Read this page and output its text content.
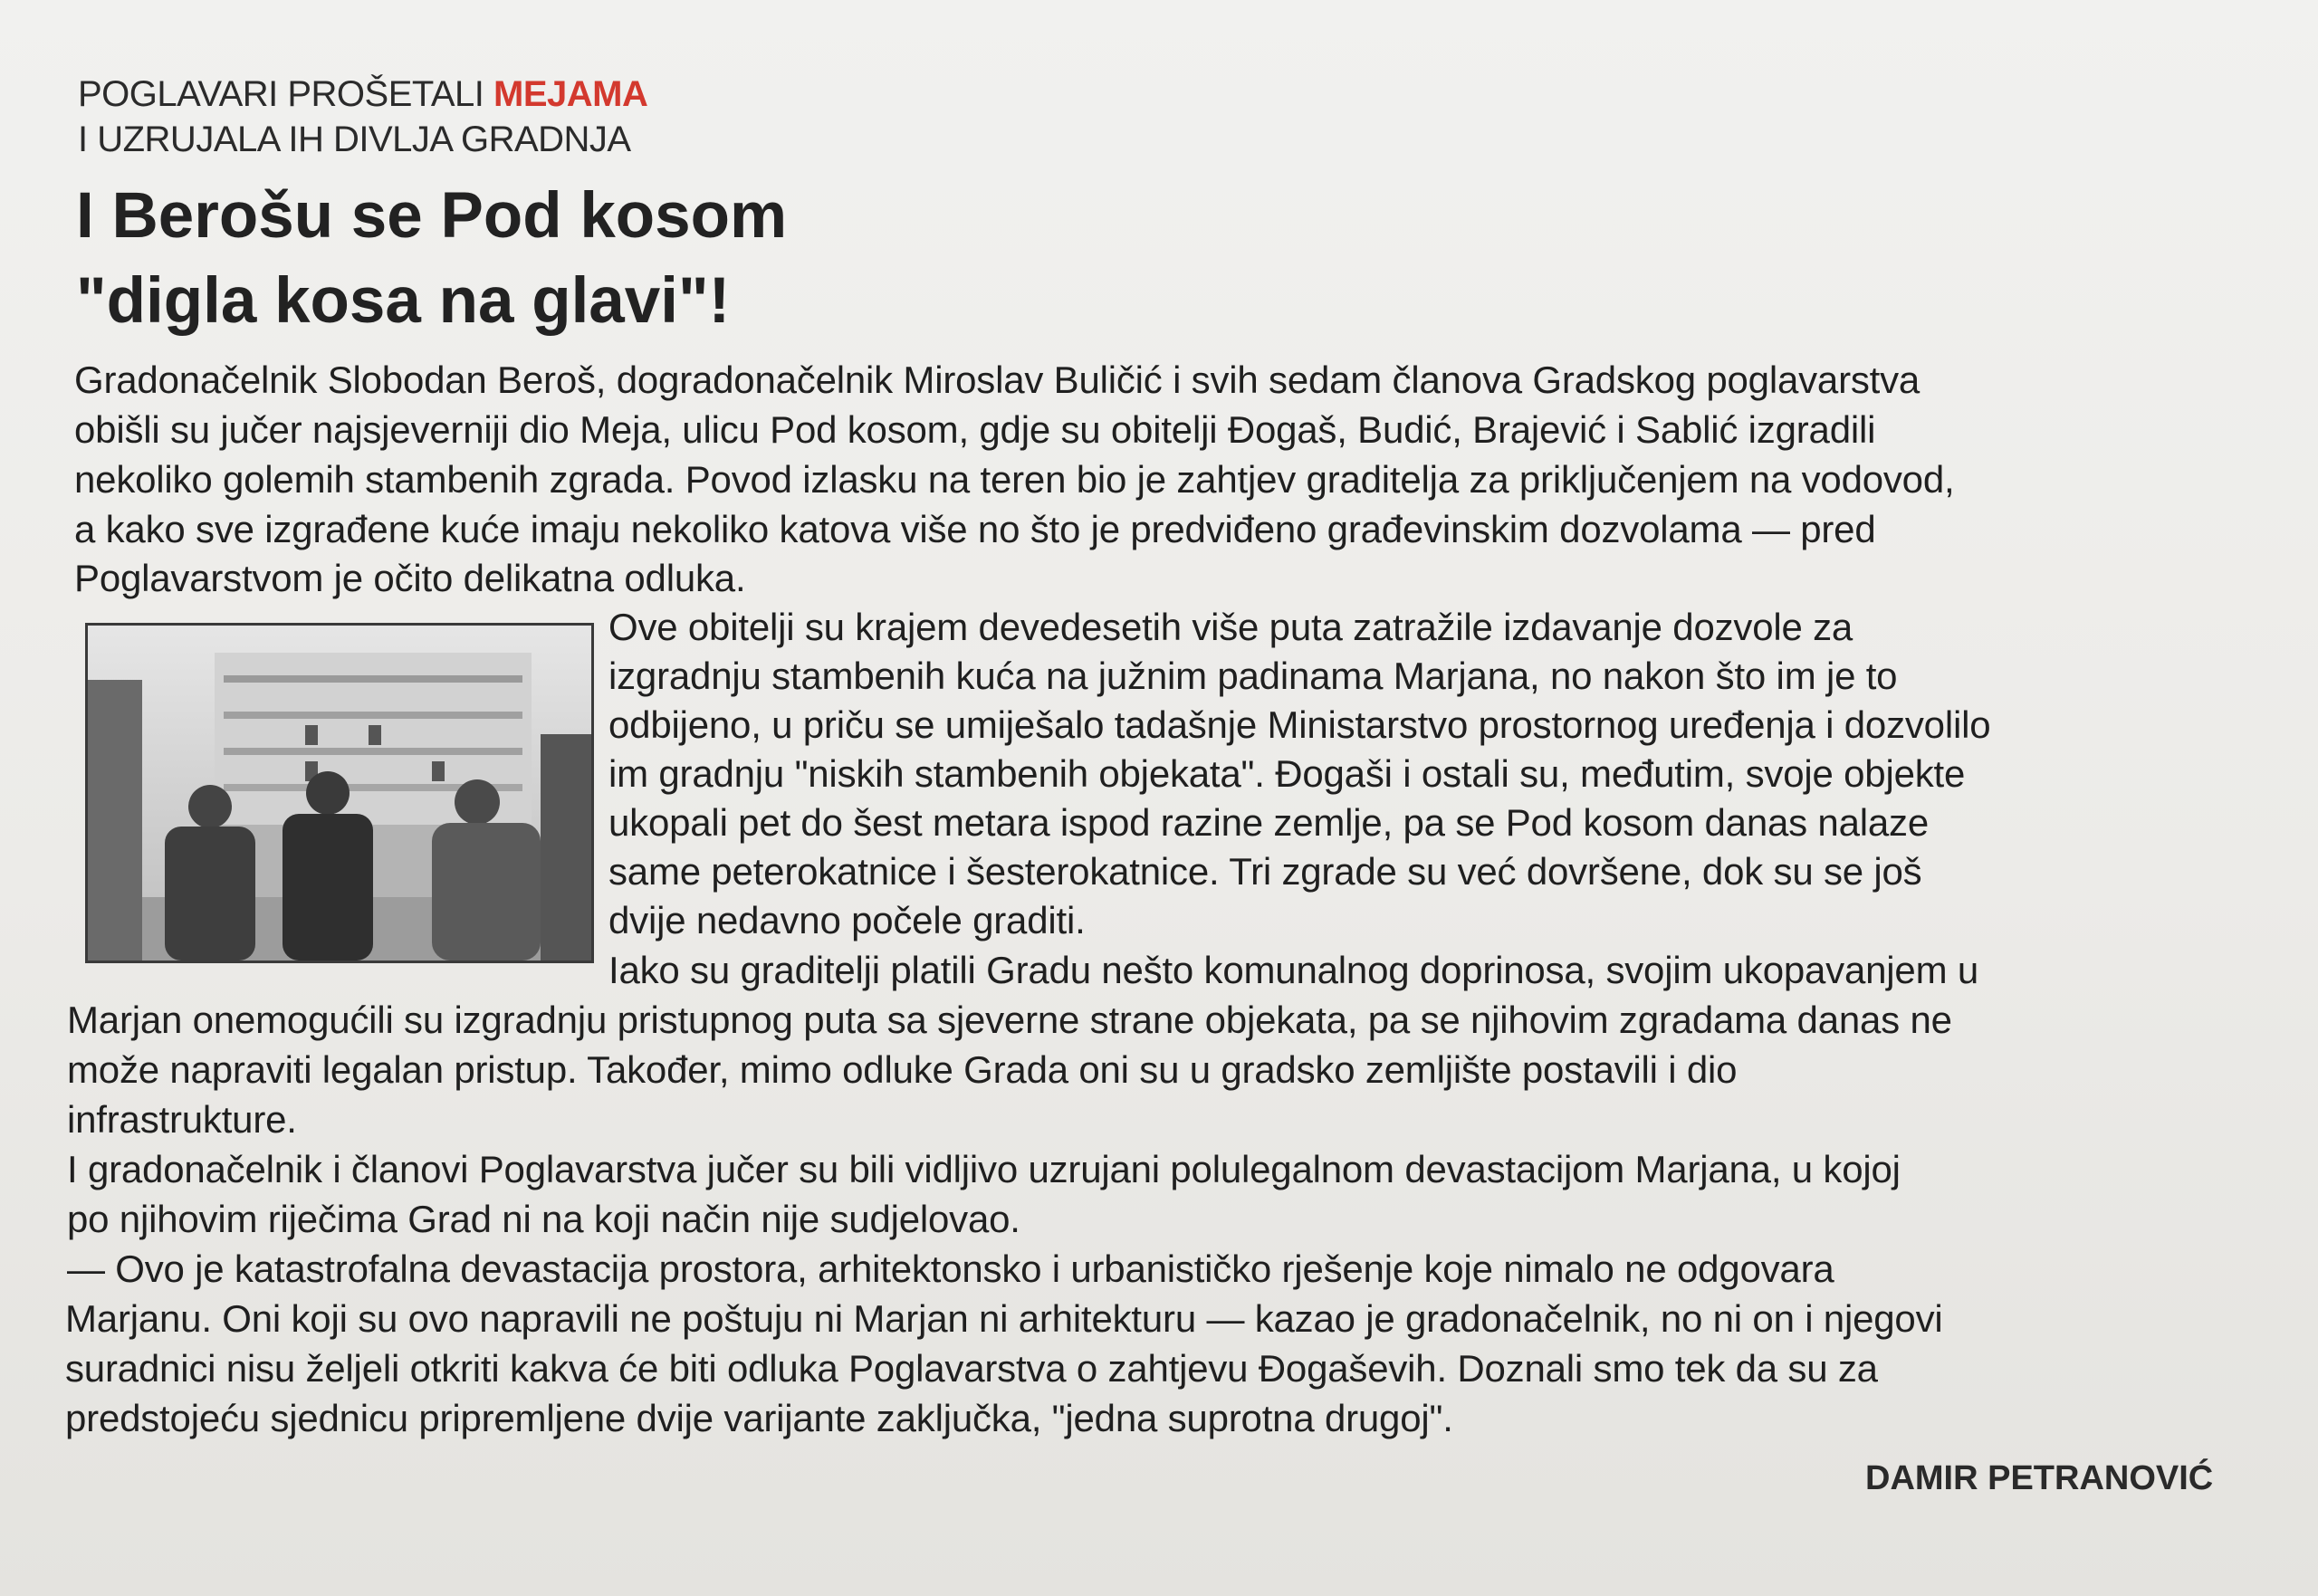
POGLAVARI PROŠETALI MEJAMA
I UZRUJALA IH DIVLJA GRADNJA
I Berošu se Pod kosom
"digla kosa na glavi"!
Gradonačelnik Slobodan Beroš, dogradonačelnik Miroslav Buličić i svih sedam članova Gradskog poglavarstva
obišli su jučer najsjeverniji dio Meja, ulicu Pod kosom, gdje su obitelji Đogaš, Budić, Brajević i Sablić izgradili
nekoliko golemih stambenih zgrada. Povod izlasku na teren bio je zahtjev graditelja za priključenjem na vodovod,
a kako sve izgrađene kuće imaju nekoliko katova više no što je predviđeno građevinskim dozvolama — pred
Poglavarstvom je očito delikatna odluka.
Ove obitelji su krajem devedesetih više puta zatražile izdavanje dozvole za
izgradnju stambenih kuća na južnim padinama Marjana, no nakon što im je to
odbijeno, u priču se umiješalo tadašnje Ministarstvo prostornog uređenja i dozvolilo
im gradnju "niskih stambenih objekata". Đogaši i ostali su, međutim, svoje objekte
ukopali pet do šest metara ispod razine zemlje, pa se Pod kosom danas nalaze
same peterokatnice i šesterokatnice. Tri zgrade su već dovršene, dok su se još
dvije nedavno počele graditi.
Iako su graditelji platili Gradu nešto komunalnog doprinosa, svojim ukopavanjem u
Marjan onemogućili su izgradnju pristupnog puta sa sjeverne strane objekata, pa se njihovim zgradama danas ne
može napraviti legalan pristup. Također, mimo odluke Grada oni su u gradsko zemljište postavili i dio
infrastrukture.
I gradonačelnik i članovi Poglavarstva jučer su bili vidljivo uzrujani polulegalnom devastacijom Marjana, u kojoj
po njihovim riječima Grad ni na koji način nije sudjelovao.
— Ovo je katastrofalna devastacija prostora, arhitektonsko i urbanističko rješenje koje nimalo ne odgovara
Marjanu. Oni koji su ovo napravili ne poštuju ni Marjan ni arhitekturu — kazao je gradonačelnik, no ni on i njegovi
suradnici nisu željeli otkriti kakva će biti odluka Poglavarstva o zahtjevu Đogaševih. Doznali smo tek da su za
predstojeću sjednicu pripremljene dvije varijante zaključka, "jedna suprotna drugoj".
DAMIR PETRANOVIĆ
